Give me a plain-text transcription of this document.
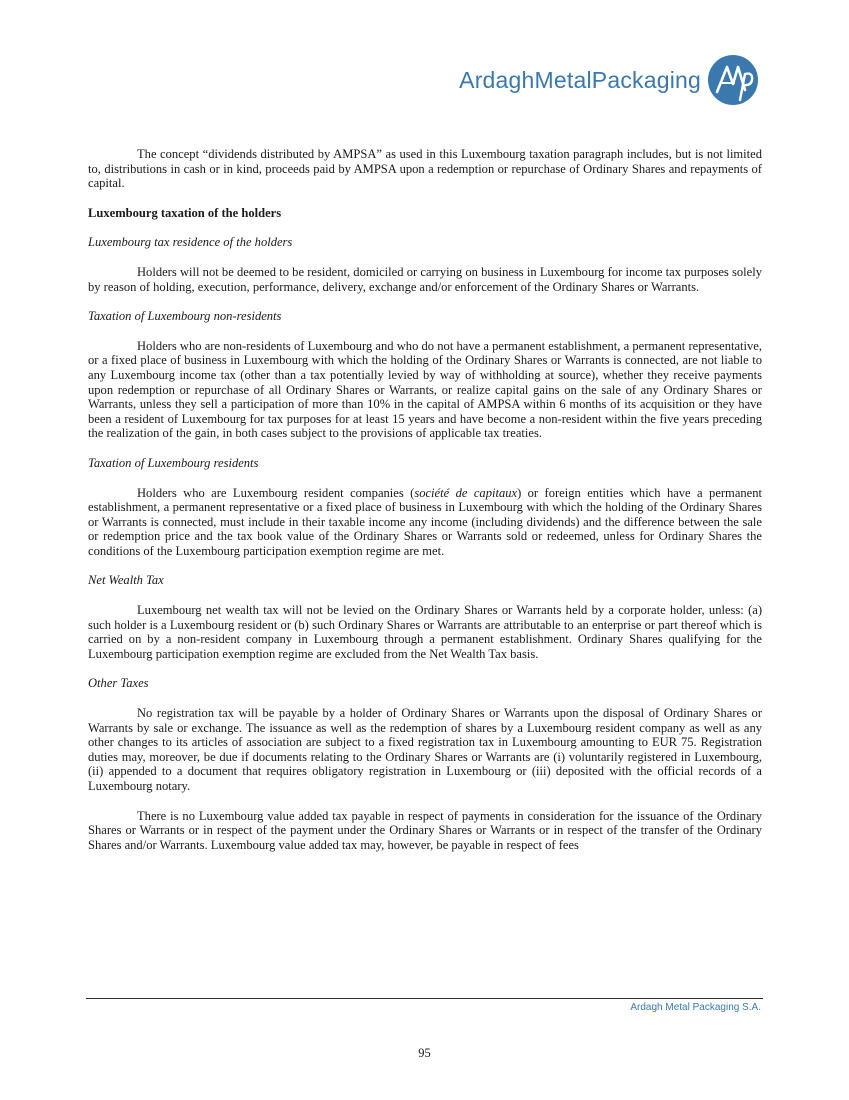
ArdaghMetalPackaging

The concept “dividends distributed by AMPSA” as used in this Luxembourg taxation paragraph includes, but is not limited to, distributions in cash or in kind, proceeds paid by AMPSA upon a redemption or repurchase of Ordinary Shares and repayments of capital.

Luxembourg taxation of the holders
Luxembourg tax residence of the holders

Holders will not be deemed to be resident, domiciled or carrying on business in Luxembourg for income tax purposes solely by reason of holding, execution, performance, delivery, exchange and/or enforcement of the Ordinary Shares or Warrants.

Taxation of Luxembourg non-residents

Holders who are non-residents of Luxembourg and who do not have a permanent establishment, a permanent representative, or a fixed place of business in Luxembourg with which the holding of the Ordinary Shares or Warrants is connected, are not liable to any Luxembourg income tax (other than a tax potentially levied by way of withholding at source), whether they receive payments upon redemption or repurchase of all Ordinary Shares or Warrants, or realize capital gains on the sale of any Ordinary Shares or Warrants, unless they sell a participation of more than 10% in the capital of AMPSA within 6 months of its acquisition or they have been a resident of Luxembourg for tax purposes for at least 15 years and have become a non-resident within the five years preceding the realization of the gain, in both cases subject to the provisions of applicable tax treaties.

Taxation of Luxembourg residents

Holders who are Luxembourg resident companies (société de capitaux) or foreign entities which have a permanent establishment, a permanent representative or a fixed place of business in Luxembourg with which the holding of the Ordinary Shares or Warrants is connected, must include in their taxable income any income (including dividends) and the difference between the sale or redemption price and the tax book value of the Ordinary Shares or Warrants sold or redeemed, unless for Ordinary Shares the conditions of the Luxembourg participation exemption regime are met.

Net Wealth Tax

Luxembourg net wealth tax will not be levied on the Ordinary Shares or Warrants held by a corporate holder, unless: (a) such holder is a Luxembourg resident or (b) such Ordinary Shares or Warrants are attributable to an enterprise or part thereof which is carried on by a non-resident company in Luxembourg through a permanent establishment. Ordinary Shares qualifying for the Luxembourg participation exemption regime are excluded from the Net Wealth Tax basis.

Other Taxes

No registration tax will be payable by a holder of Ordinary Shares or Warrants upon the disposal of Ordinary Shares or Warrants by sale or exchange. The issuance as well as the redemption of shares by a Luxembourg resident company as well as any other changes to its articles of association are subject to a fixed registration tax in Luxembourg amounting to EUR 75. Registration duties may, moreover, be due if documents relating to the Ordinary Shares or Warrants are (i) voluntarily registered in Luxembourg, (ii) appended to a document that requires obligatory registration in Luxembourg or (iii) deposited with the official records of a Luxembourg notary.

There is no Luxembourg value added tax payable in respect of payments in consideration for the issuance of the Ordinary Shares or Warrants or in respect of the payment under the Ordinary Shares or Warrants or in respect of the transfer of the Ordinary Shares and/or Warrants. Luxembourg value added tax may, however, be payable in respect of fees

Ardagh Metal Packaging S.A.
95
